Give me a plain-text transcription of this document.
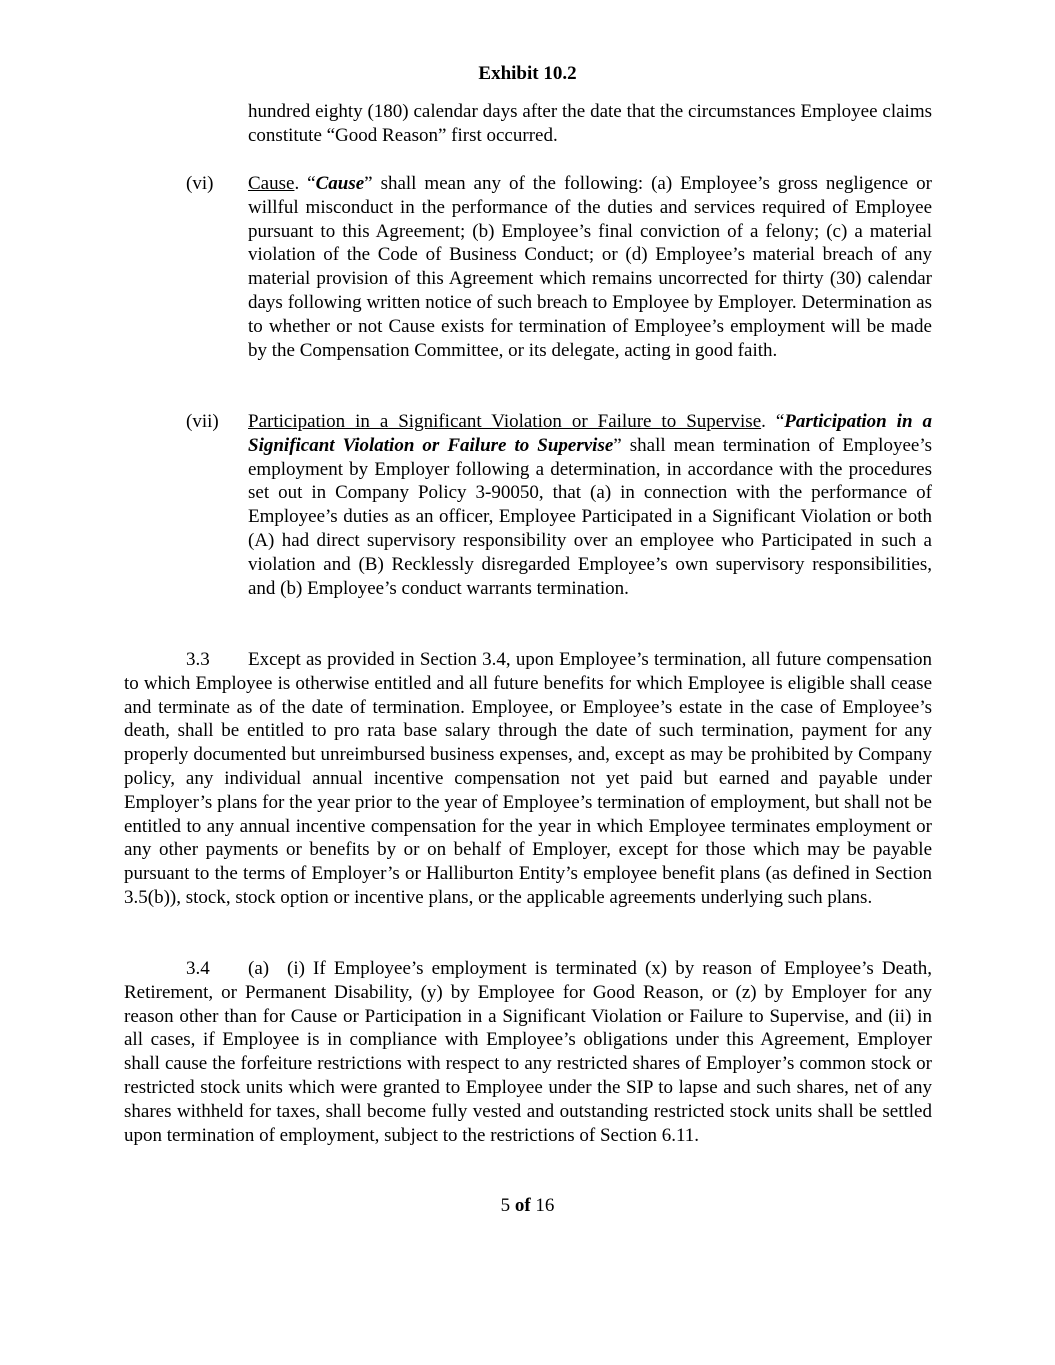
Exhibit 10.2
hundred eighty (180) calendar days after the date that the circumstances Employee claims constitute “Good Reason” first occurred.
(vi) Cause. “Cause” shall mean any of the following: (a) Employee’s gross negligence or willful misconduct in the performance of the duties and services required of Employee pursuant to this Agreement; (b) Employee’s final conviction of a felony; (c) a material violation of the Code of Business Conduct; or (d) Employee’s material breach of any material provision of this Agreement which remains uncorrected for thirty (30) calendar days following written notice of such breach to Employee by Employer. Determination as to whether or not Cause exists for termination of Employee’s employment will be made by the Compensation Committee, or its delegate, acting in good faith.
(vii) Participation in a Significant Violation or Failure to Supervise. “Participation in a Significant Violation or Failure to Supervise” shall mean termination of Employee’s employment by Employer following a determination, in accordance with the procedures set out in Company Policy 3-90050, that (a) in connection with the performance of Employee’s duties as an officer, Employee Participated in a Significant Violation or both (A) had direct supervisory responsibility over an employee who Participated in such a violation and (B) Recklessly disregarded Employee’s own supervisory responsibilities, and (b) Employee’s conduct warrants termination.
3.3 Except as provided in Section 3.4, upon Employee’s termination, all future compensation to which Employee is otherwise entitled and all future benefits for which Employee is eligible shall cease and terminate as of the date of termination. Employee, or Employee’s estate in the case of Employee’s death, shall be entitled to pro rata base salary through the date of such termination, payment for any properly documented but unreimbursed business expenses, and, except as may be prohibited by Company policy, any individual annual incentive compensation not yet paid but earned and payable under Employer’s plans for the year prior to the year of Employee’s termination of employment, but shall not be entitled to any annual incentive compensation for the year in which Employee terminates employment or any other payments or benefits by or on behalf of Employer, except for those which may be payable pursuant to the terms of Employer’s or Halliburton Entity’s employee benefit plans (as defined in Section 3.5(b)), stock, stock option or incentive plans, or the applicable agreements underlying such plans.
3.4 (a) (i) If Employee’s employment is terminated (x) by reason of Employee’s Death, Retirement, or Permanent Disability, (y) by Employee for Good Reason, or (z) by Employer for any reason other than for Cause or Participation in a Significant Violation or Failure to Supervise, and (ii) in all cases, if Employee is in compliance with Employee’s obligations under this Agreement, Employer shall cause the forfeiture restrictions with respect to any restricted shares of Employer’s common stock or restricted stock units which were granted to Employee under the SIP to lapse and such shares, net of any shares withheld for taxes, shall become fully vested and outstanding restricted stock units shall be settled upon termination of employment, subject to the restrictions of Section 6.11.
5 of 16
